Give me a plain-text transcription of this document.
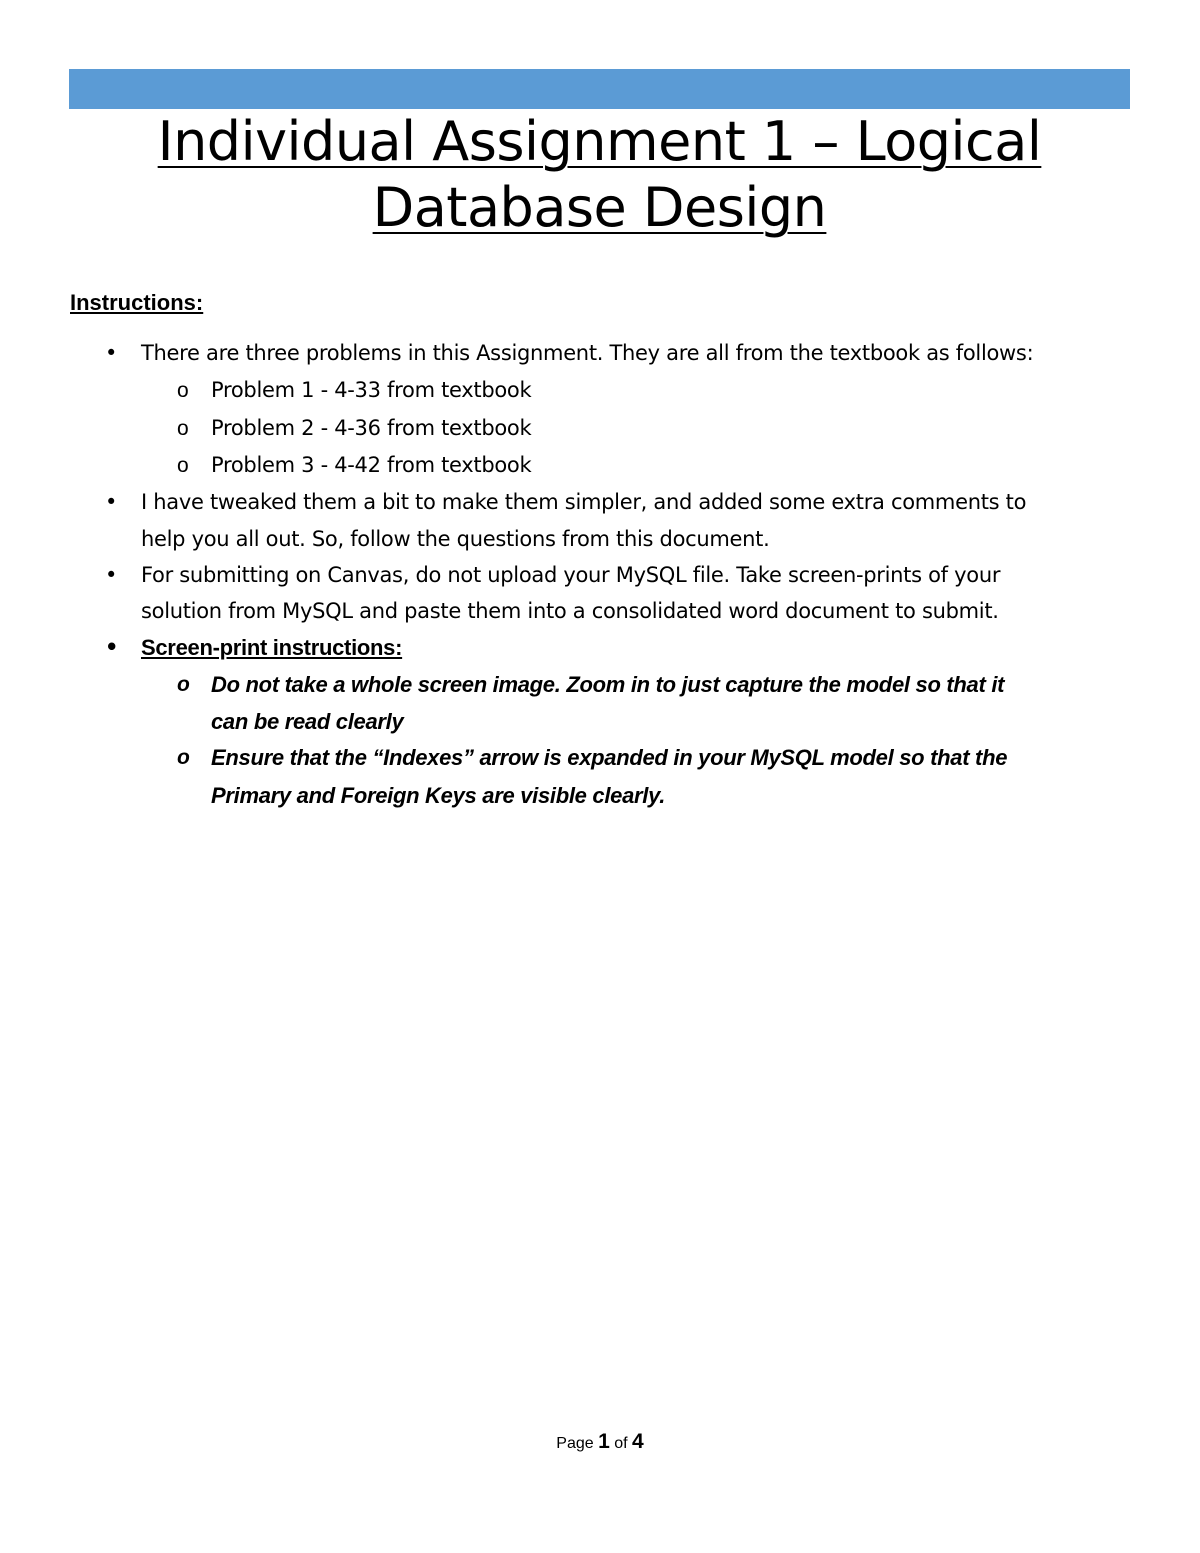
Individual Assignment 1 – Logical
Database Design
Instructions:
• There are three problems in this Assignment. They are all from the textbook as follows:
o Problem 1 - 4-33 from textbook
o Problem 2 - 4-36 from textbook
o Problem 3 - 4-42 from textbook
• I have tweaked them a bit to make them simpler, and added some extra comments to
help you all out. So, follow the questions from this document.
• For submitting on Canvas, do not upload your MySQL file. Take screen-prints of your
solution from MySQL and paste them into a consolidated word document to submit.
• Screen-print instructions:
o Do not take a whole screen image. Zoom in to just capture the model so that it
can be read clearly
o Ensure that the “Indexes” arrow is expanded in your MySQL model so that the
Primary and Foreign Keys are visible clearly.
Page 1 of 4
